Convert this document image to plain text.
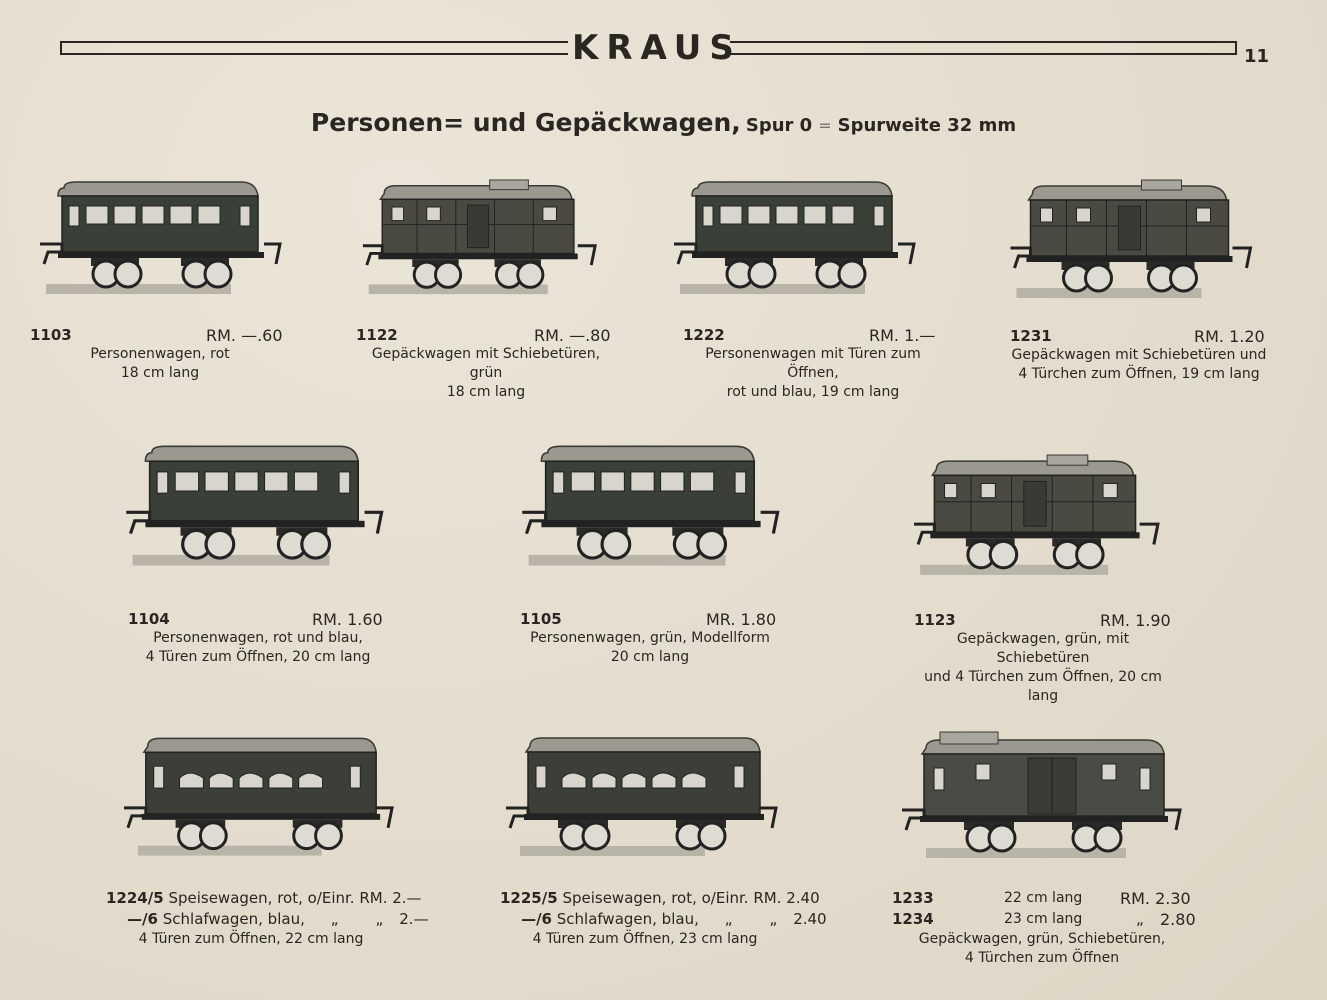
KRAUS	11
Personen= und Gepäckwagen, Spur 0 = Spurweite 32 mm
1103	RM. —.60
Personenwagen, rot
18 cm lang
1122	RM. —.80
Gepäckwagen mit Schiebetüren, grün
18 cm lang
1222	RM. 1.—
Personenwagen mit Türen zum Öffnen,
rot und blau, 19 cm lang
1231	RM. 1.20
Gepäckwagen mit Schiebetüren und
4 Türchen zum Öffnen, 19 cm lang
1104	RM. 1.60
Personenwagen, rot und blau,
4 Türen zum Öffnen, 20 cm lang
1105	MR. 1.80
Personenwagen, grün, Modellform
20 cm lang
1123	RM. 1.90
Gepäckwagen, grün, mit Schiebetüren
und 4 Türchen zum Öffnen, 20 cm lang
1224/5 Speisewagen, rot, o/Einr. RM. 2.—
—/6 Schlafwagen, blau, „ „ 2.—
4 Türen zum Öffnen, 22 cm lang
1225/5 Speisewagen, rot, o/Einr. RM. 2.40
—/6 Schlafwagen, blau, „ „ 2.40
4 Türen zum Öffnen, 23 cm lang
1233	22 cm lang RM. 2.30
1234	23 cm lang	„ 2.80
Gepäckwagen, grün, Schiebetüren,
4 Türchen zum Öffnen
